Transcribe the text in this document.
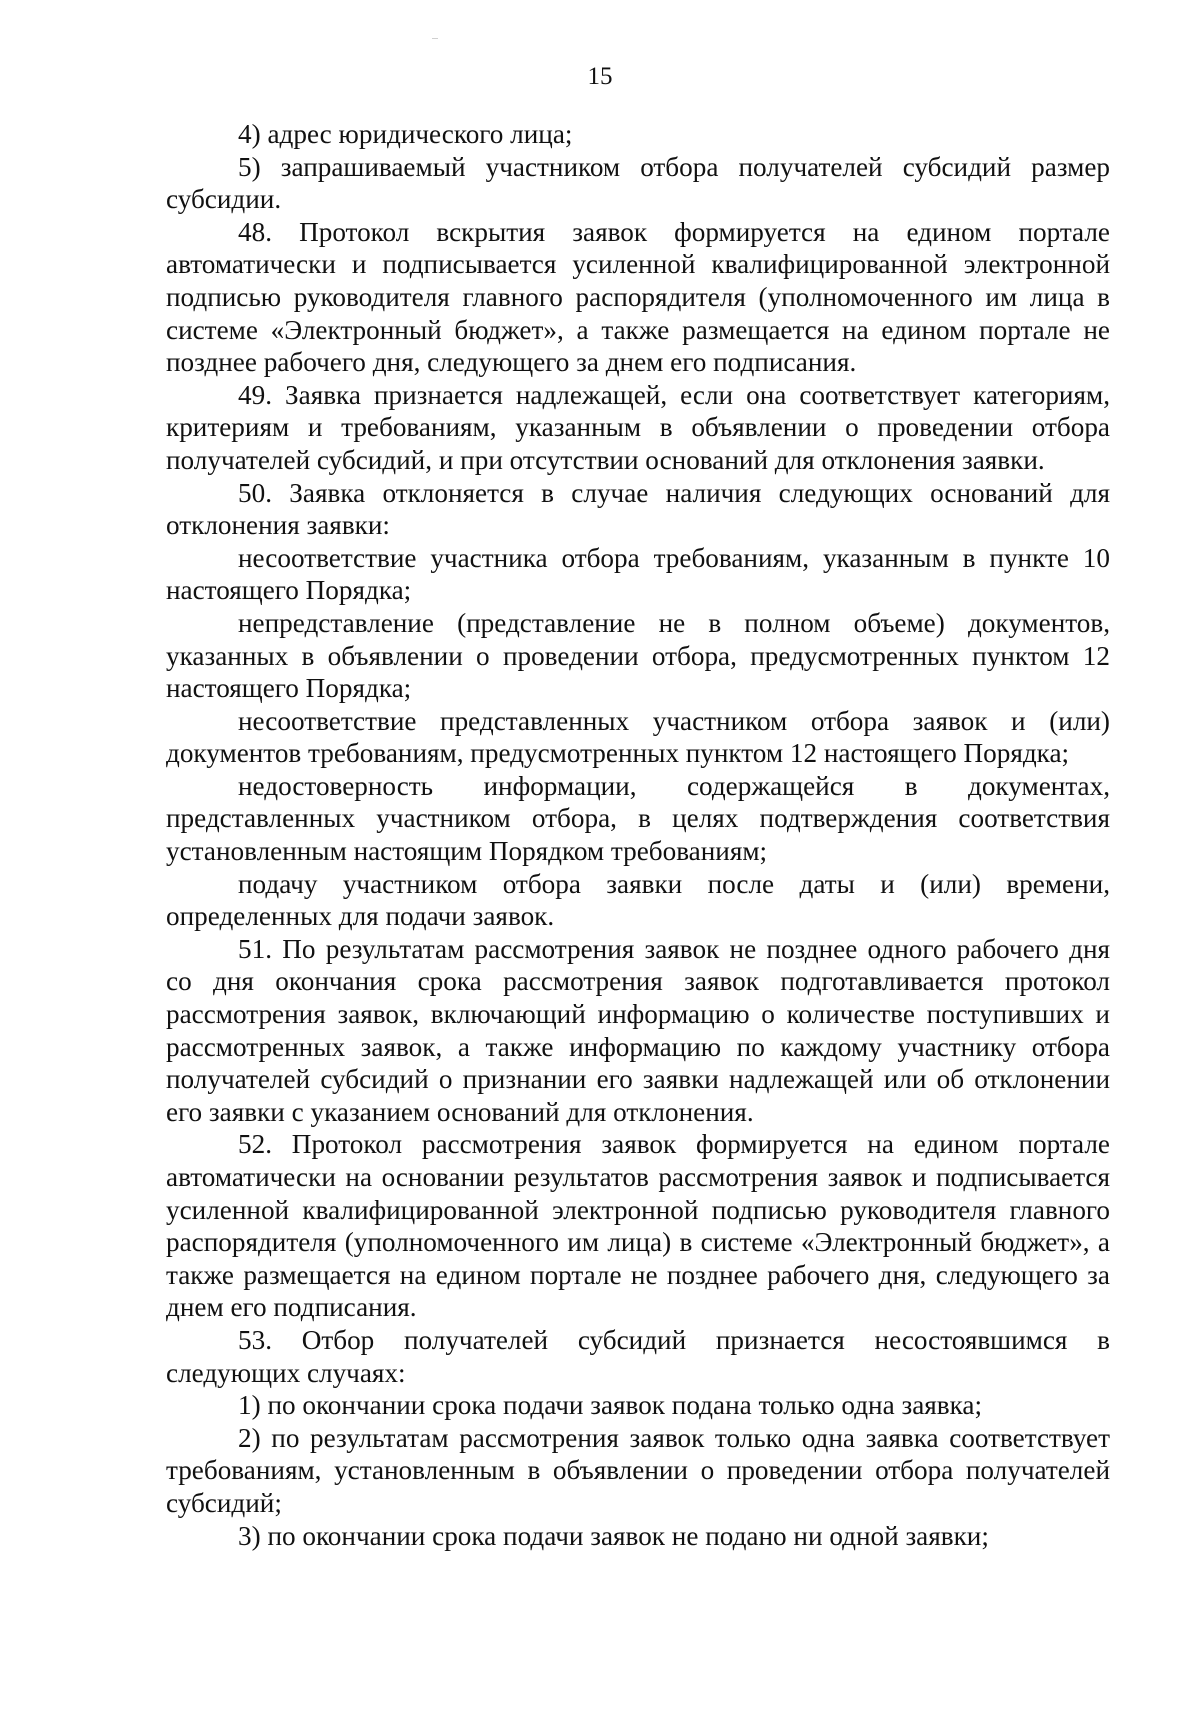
15

4) адрес юридического лица;

5) запрашиваемый участником отбора получателей субсидий размер субсидии.

48. Протокол вскрытия заявок формируется на едином портале автоматически и подписывается усиленной квалифицированной электронной подписью руководителя главного распорядителя (уполномоченного им лица в системе «Электронный бюджет», а также размещается на едином портале не позднее рабочего дня, следующего за днем его подписания.

49. Заявка признается надлежащей, если она соответствует категориям, критериям и требованиям, указанным в объявлении о проведении отбора получателей субсидий, и при отсутствии оснований для отклонения заявки.

50. Заявка отклоняется в случае наличия следующих оснований для отклонения заявки:

несоответствие участника отбора требованиям, указанным в пункте 10 настоящего Порядка;

непредставление (представление не в полном объеме) документов, указанных в объявлении о проведении отбора, предусмотренных пунктом 12 настоящего Порядка;

несоответствие представленных участником отбора заявок и (или) документов требованиям, предусмотренных пунктом 12 настоящего Порядка;

недостоверность информации, содержащейся в документах, представленных участником отбора, в целях подтверждения соответствия установленным настоящим Порядком требованиям;

подачу участником отбора заявки после даты и (или) времени, определенных для подачи заявок.

51. По результатам рассмотрения заявок не позднее одного рабочего дня со дня окончания срока рассмотрения заявок подготавливается протокол рассмотрения заявок, включающий информацию о количестве поступивших и рассмотренных заявок, а также информацию по каждому участнику отбора получателей субсидий о признании его заявки надлежащей или об отклонении его заявки с указанием оснований для отклонения.

52. Протокол рассмотрения заявок формируется на едином портале автоматически на основании результатов рассмотрения заявок и подписывается усиленной квалифицированной электронной подписью руководителя главного распорядителя (уполномоченного им лица) в системе «Электронный бюджет», а также размещается на едином портале не позднее рабочего дня, следующего за днем его подписания.

53. Отбор получателей субсидий признается несостоявшимся в следующих случаях:

1) по окончании срока подачи заявок подана только одна заявка;

2) по результатам рассмотрения заявок только одна заявка соответствует требованиям, установленным в объявлении о проведении отбора получателей субсидий;

3) по окончании срока подачи заявок не подано ни одной заявки;
